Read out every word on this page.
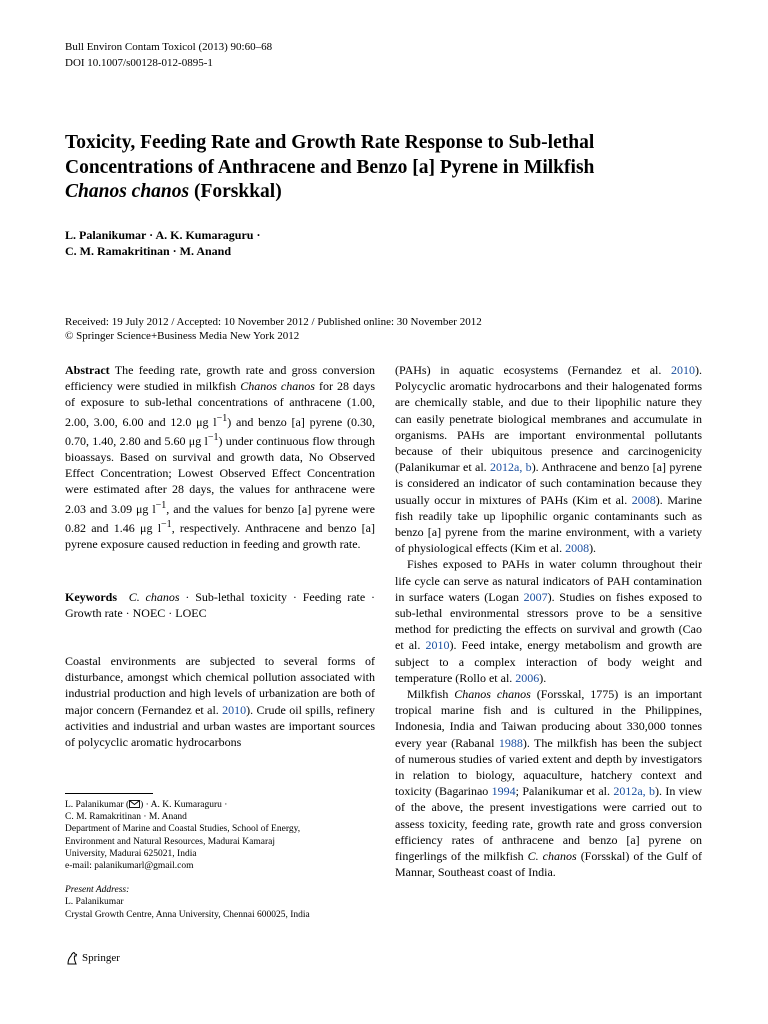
Bull Environ Contam Toxicol (2013) 90:60–68
DOI 10.1007/s00128-012-0895-1
Toxicity, Feeding Rate and Growth Rate Response to Sub-lethal
Concentrations of Anthracene and Benzo [a] Pyrene in Milkfish
Chanos chanos (Forskkal)
L. Palanikumar · A. K. Kumaraguru ·
C. M. Ramakritinan · M. Anand
Received: 19 July 2012 / Accepted: 10 November 2012 / Published online: 30 November 2012
© Springer Science+Business Media New York 2012

Abstract The feeding rate, growth rate and gross conversion efficiency were studied in milkfish Chanos chanos for 28 days of exposure to sub-lethal concentrations of anthracene (1.00, 2.00, 3.00, 6.00 and 12.0 μg $l^{-1}$) and benzo [a] pyrene (0.30, 0.70, 1.40, 2.80 and 5.60 μg $l^{-1}$) under continuous flow through bioassays. Based on survival and growth data, No Observed Effect Concentration; Lowest Observed Effect Concentration were estimated after 28 days, the values for anthracene were 2.03 and 3.09 μg $l^{-1}$, and the values for benzo [a] pyrene were 0.82 and 1.46 μg $l^{-1}$, respectively. Anthracene and benzo [a] pyrene exposure caused reduction in feeding and growth rate.

Keywords C. chanos · Sub-lethal toxicity · Feeding rate · Growth rate · NOEC · LOEC

Coastal environments are subjected to several forms of disturbance, amongst which chemical pollution associated with industrial production and high levels of urbanization are both of major concern (Fernandez et al. 2010). Crude oil spills, refinery activities and industrial and urban wastes are important sources of polycyclic aromatic hydrocarbons

L. Palanikumar ( ) · A. K. Kumaraguru ·

C. M. Ramakritinan · M. Anand

Department of Marine and Coastal Studies, School of Energy,

Environment and Natural Resources, Madurai Kamaraj

University, Madurai 625021, India

e-mail: palanikumarl@gmail.com

Present Address:

L. Palanikumar

Crystal Growth Centre, Anna University, Chennai 600025, India

Springer

(PAHs) in aquatic ecosystems (Fernandez et al. 2010). Polycyclic aromatic hydrocarbons and their halogenated forms are chemically stable, and due to their lipophilic nature they can easily penetrate biological membranes and accumulate in organisms. PAHs are important environmental pollutants because of their ubiquitous presence and carcinogenicity (Palanikumar et al. 2012a, b). Anthracene and benzo [a] pyrene is considered an indicator of such contamination because they usually occur in mixtures of PAHs (Kim et al. 2008). Marine fish readily take up lipophilic organic contaminants such as benzo [a] pyrene from the marine environment, with a variety of physiological effects (Kim et al. 2008).

Fishes exposed to PAHs in water column throughout their life cycle can serve as natural indicators of PAH contamination in surface waters (Logan 2007). Studies on fishes exposed to sub-lethal environmental stressors prove to be a sensitive method for predicting the effects on survival and growth (Cao et al. 2010). Feed intake, energy metabolism and growth are subject to a complex interaction of body weight and temperature (Rollo et al. 2006).

Milkfish Chanos chanos (Forsskal, 1775) is an important tropical marine fish and is cultured in the Philippines, Indonesia, India and Taiwan producing about 330,000 tonnes every year (Rabanal 1988). The milkfish has been the subject of numerous studies of varied extent and depth by investigators in relation to biology, aquaculture, hatchery context and toxicity (Bagarinao 1994; Palanikumar et al. 2012a, b). In view of the above, the present investigations were carried out to assess toxicity, feeding rate, growth rate and gross conversion efficiency rates of anthracene and benzo [a] pyrene on fingerlings of the milkfish C. chanos (Forsskal) of the Gulf of Mannar, Southeast coast of India.
